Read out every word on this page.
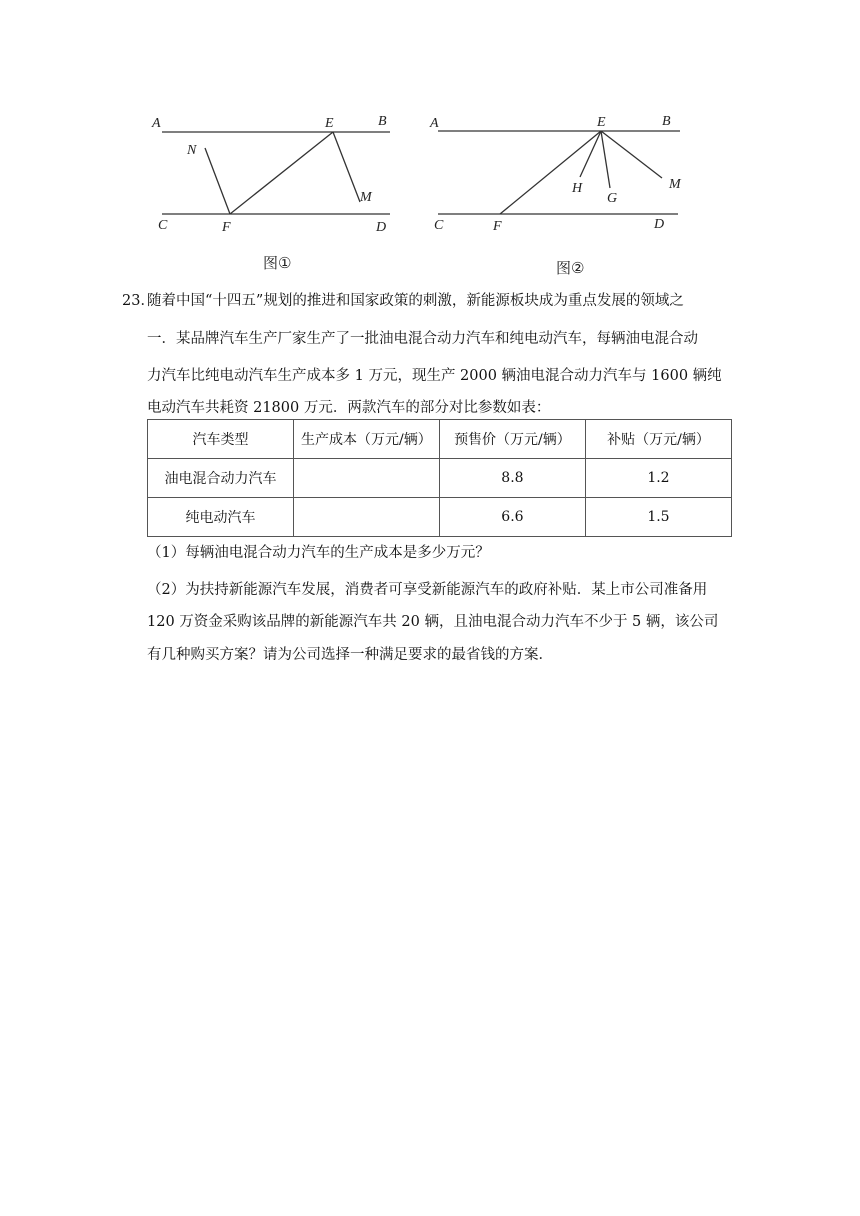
A	B
C	D
E
F
N
M
图①
A	B
C	D
E
F
H
G
M
图②
23．
随着中国“十四五”规划的推进和国家政策的刺激，新能源板块成为重点发展的领域之
一．某品牌汽车生产厂家生产了一批油电混合动力汽车和纯电动汽车，每辆油电混合动
力汽车比纯电动汽车生产成本多 1 万元，现生产 2000 辆油电混合动力汽车与 1600 辆纯
电动汽车共耗资 21800 万元．两款汽车的部分对比参数如表：
汽车类型	生产成本（万元/辆）	预售价（万元/辆）	补贴（万元/辆）
油电混合动力汽车		8.8	1.2
纯电动汽车		6.6	1.5
（1）每辆油电混合动力汽车的生产成本是多少万元？
（2）为扶持新能源汽车发展，消费者可享受新能源汽车的政府补贴．某上市公司准备用
120 万资金采购该品牌的新能源汽车共 20 辆，且油电混合动力汽车不少于 5 辆，该公司
有几种购买方案？请为公司选择一种满足要求的最省钱的方案．
